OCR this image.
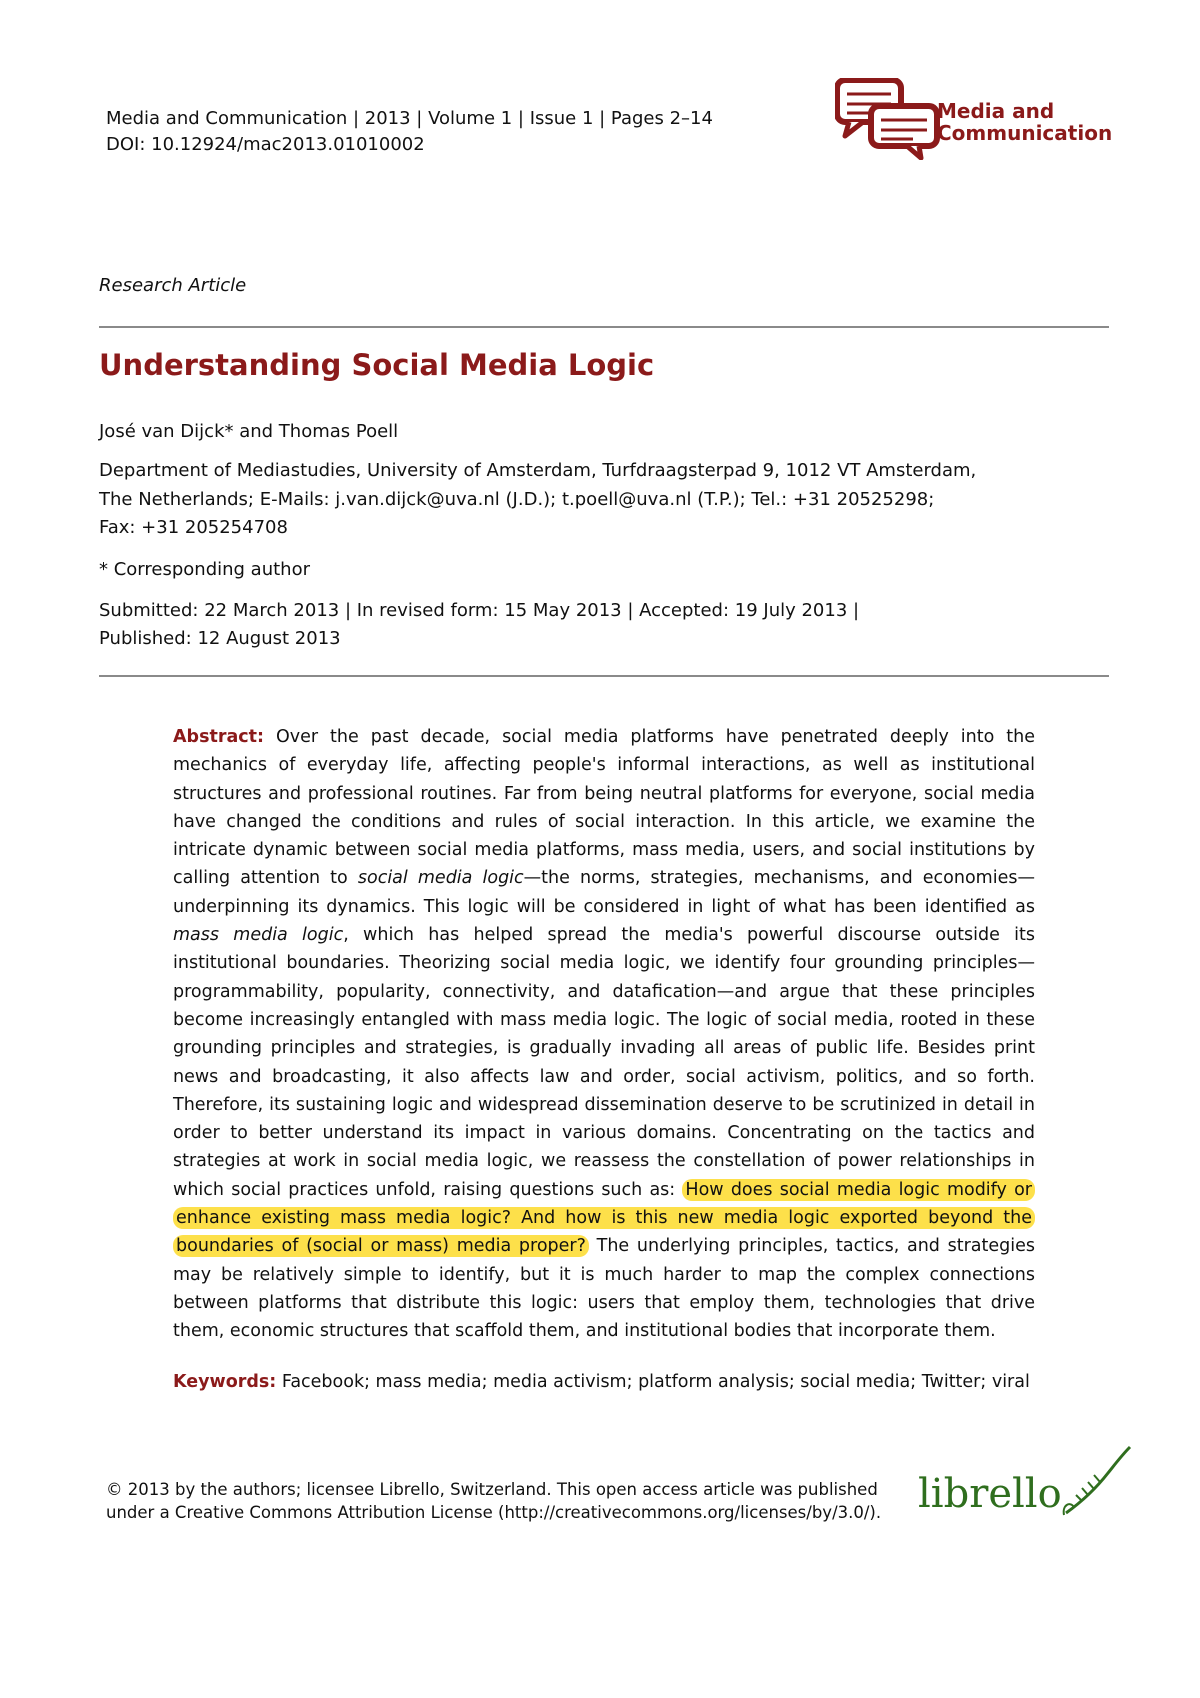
Media and Communication | 2013 | Volume 1 | Issue 1 | Pages 2–14
DOI: 10.12924/mac2013.01010002
Media and
Communication
Research Article
Understanding Social Media Logic
José van Dijck* and Thomas Poell
Department of Mediastudies, University of Amsterdam, Turfdraagsterpad 9, 1012 VT Amsterdam,
The Netherlands; E-Mails: j.van.dijck@uva.nl (J.D.); t.poell@uva.nl (T.P.); Tel.: +31 20525298;
Fax: +31 205254708
* Corresponding author
Submitted: 22 March 2013 | In revised form: 15 May 2013 | Accepted: 19 July 2013 |
Published: 12 August 2013
Abstract: Over the past decade, social media platforms have penetrated deeply into the mechanics of everyday life, affecting people's informal interactions, as well as institutional structures and professional routines. Far from being neutral platforms for everyone, social media have changed the conditions and rules of social interaction. In this article, we examine the intricate dynamic between social media platforms, mass media, users, and social institutions by calling attention to social media logic—the norms, strategies, mechanisms, and economies—underpinning its dynamics. This logic will be considered in light of what has been identified as mass media logic, which has helped spread the media's powerful discourse outside its institutional boundaries. Theorizing social media logic, we identify four grounding principles—programmability, popularity, connectivity, and datafication—and argue that these principles become increasingly entangled with mass media logic. The logic of social media, rooted in these grounding principles and strategies, is gradually invading all areas of public life. Besides print news and broadcasting, it also affects law and order, social activism, politics, and so forth. Therefore, its sustaining logic and widespread dissemination deserve to be scrutinized in detail in order to better understand its impact in various domains. Concentrating on the tactics and strategies at work in social media logic, we reassess the constellation of power relationships in which social practices unfold, raising questions such as: How does social media logic modify or enhance existing mass media logic? And how is this new media logic exported beyond the boundaries of (social or mass) media proper? The underlying principles, tactics, and strategies may be relatively simple to identify, but it is much harder to map the complex connections between platforms that distribute this logic: users that employ them, technologies that drive them, economic structures that scaffold them, and institutional bodies that incorporate them.
Keywords: Facebook; mass media; media activism; platform analysis; social media; Twitter; viral
© 2013 by the authors; licensee Librello, Switzerland. This open access article was published
under a Creative Commons Attribution License (http://creativecommons.org/licenses/by/3.0/). librello
